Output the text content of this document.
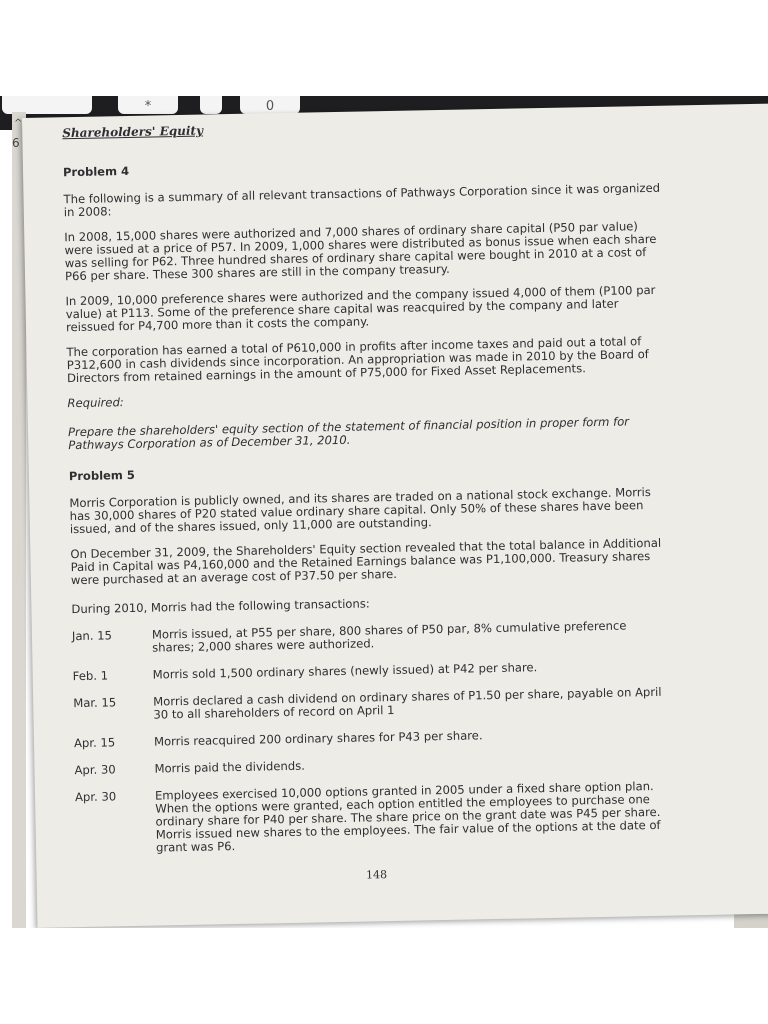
*	0
^
6
Shareholders' Equity
Problem 4

The following is a summary of all relevant transactions of Pathways Corporation since it was organized in 2008:

In 2008, 15,000 shares were authorized and 7,000 shares of ordinary share capital (P50 par value) were issued at a price of P57. In 2009, 1,000 shares were distributed as bonus issue when each share was selling for P62. Three hundred shares of ordinary share capital were bought in 2010 at a cost of P66 per share. These 300 shares are still in the company treasury.

In 2009, 10,000 preference shares were authorized and the company issued 4,000 of them (P100 par value) at P113. Some of the preference share capital was reacquired by the company and later reissued for P4,700 more than it costs the company.

The corporation has earned a total of P610,000 in profits after income taxes and paid out a total of P312,600 in cash dividends since incorporation. An appropriation was made in 2010 by the Board of Directors from retained earnings in the amount of P75,000 for Fixed Asset Replacements.

Required:

Prepare the shareholders' equity section of the statement of financial position in proper form for Pathways Corporation as of December 31, 2010.

Problem 5

Morris Corporation is publicly owned, and its shares are traded on a national stock exchange. Morris has 30,000 shares of P20 stated value ordinary share capital. Only 50% of these shares have been issued, and of the shares issued, only 11,000 are outstanding.

On December 31, 2009, the Shareholders' Equity section revealed that the total balance in Additional Paid in Capital was P4,160,000 and the Retained Earnings balance was P1,100,000. Treasury shares were purchased at an average cost of P37.50 per share.

During 2010, Morris had the following transactions:
Jan. 15	Morris issued, at P55 per share, 800 shares of P50 par, 8% cumulative preference shares; 2,000 shares were authorized.
Feb. 1	Morris sold 1,500 ordinary shares (newly issued) at P42 per share.
Mar. 15	Morris declared a cash dividend on ordinary shares of P1.50 per share, payable on April 30 to all shareholders of record on April 1
Apr. 15	Morris reacquired 200 ordinary shares for P43 per share.
Apr. 30	Morris paid the dividends.
Apr. 30	Employees exercised 10,000 options granted in 2005 under a fixed share option plan. When the options were granted, each option entitled the employees to purchase one ordinary share for P40 per share. The share price on the grant date was P45 per share. Morris issued new shares to the employees. The fair value of the options at the date of grant was P6.
148
